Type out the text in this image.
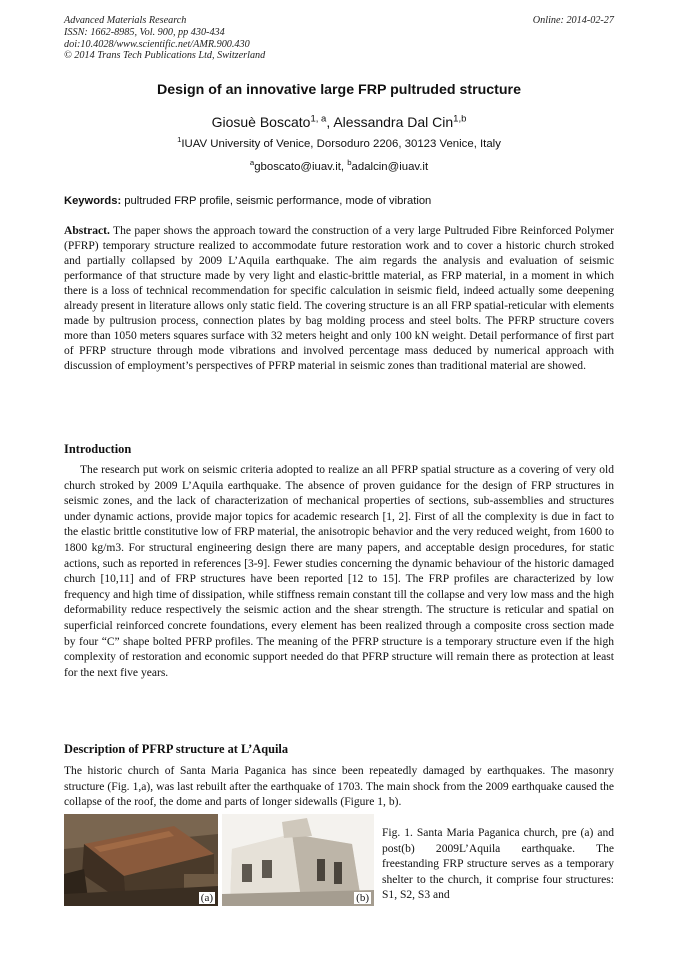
Advanced Materials Research
ISSN: 1662-8985, Vol. 900, pp 430-434
doi:10.4028/www.scientific.net/AMR.900.430
© 2014 Trans Tech Publications Ltd, Switzerland
Online: 2014-02-27
Design of an innovative large FRP pultruded structure
Giosuè Boscato$^{1, a}$, Alessandra Dal Cin$^{1,b}$
$^1$IUAV University of Venice, Dorsoduro 2206, 30123 Venice, Italy
$^a$gboscato@iuav.it, $^b$adalcin@iuav.it
Keywords: pultruded FRP profile, seismic performance, mode of vibration
Abstract. The paper shows the approach toward the construction of a very large Pultruded Fibre Reinforced Polymer (PFRP) temporary structure realized to accommodate future restoration work and to cover a historic church stroked and partially collapsed by 2009 L’Aquila earthquake. The aim regards the analysis and evaluation of seismic performance of that structure made by very light and elastic-brittle material, as FRP material, in a moment in which there is a loss of technical recommendation for specific calculation in seismic field, indeed actually some deepening already present in literature allows only static field. The covering structure is an all FRP spatial-reticular with elements made by pultrusion process, connection plates by bag molding process and steel bolts. The PFRP structure covers more than 1050 meters squares surface with 32 meters height and only 100 kN weight. Detail performance of first part of PFRP structure through mode vibrations and involved percentage mass deduced by numerical approach with discussion of employment’s perspectives of PFRP material in seismic zones than traditional material are showed.
Introduction
The research put work on seismic criteria adopted to realize an all PFRP spatial structure as a covering of very old church stroked by 2009 L’Aquila earthquake. The absence of proven guidance for the design of FRP structures in seismic zones, and the lack of characterization of mechanical properties of sections, sub-assemblies and structures under dynamic actions, provide major topics for academic research [1, 2]. First of all the complexity is due in fact to the elastic brittle constitutive low of FRP material, the anisotropic behavior and the very reduced weight, from 1600 to 1800 kg/m3. For structural engineering design there are many papers, and acceptable design procedures, for static actions, such as reported in references [3-9]. Fewer studies concerning the dynamic behaviour of the historic damaged church [10,11] and of FRP structures have been reported [12 to 15]. The FRP profiles are characterized by low frequency and high time of dissipation, while stiffness remain constant till the collapse and very low mass and the high deformability reduce respectively the seismic action and the shear strength. The structure is reticular and spatial on superficial reinforced concrete foundations, every element has been realized through a composite cross section made by four “C” shape bolted PFRP profiles. The meaning of the PFRP structure is a temporary structure even if the high complexity of restoration and economic support needed do that PFRP structure will remain there as protection at least for the next five years.
Description of PFRP structure at L’Aquila
The historic church of Santa Maria Paganica has since been repeatedly damaged by earthquakes. The masonry structure (Fig. 1,a), was last rebuilt after the earthquake of 1703. The main shock from the 2009 earthquake caused the collapse of the roof, the dome and parts of longer sidewalls (Figure 1, b).
(a)	(b)
Fig. 1. Santa Maria Paganica church, pre (a) and post(b) 2009L’Aquila earthquake. The freestanding FRP structure serves as a temporary shelter to the church, it comprise four structures: S1, S2, S3 and
